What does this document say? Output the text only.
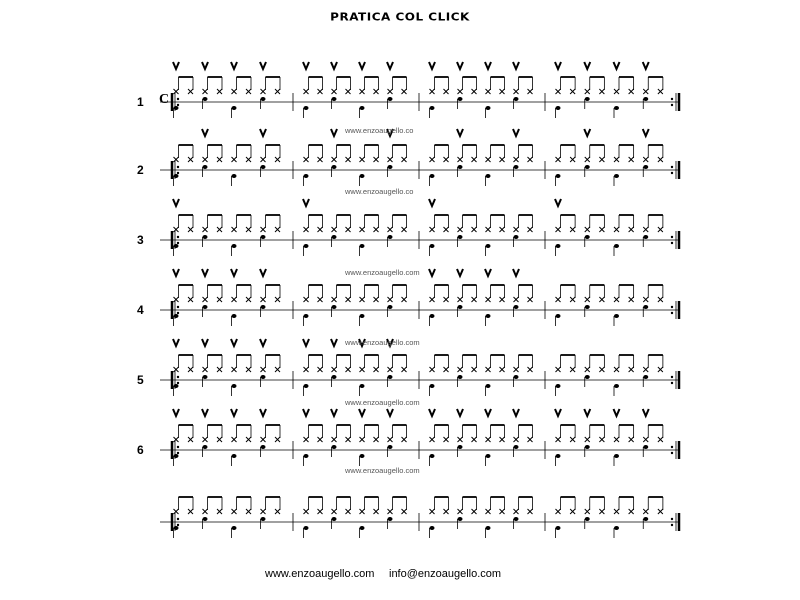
PRATICA COL CLICK
1 C
www.enzoaugello.co
2
www.enzoaugello.co
3
www.enzoaugello.com
4
www.enzoaugello.com
5
www.enzoaugello.com
6
www.enzoaugello.com
www.enzoaugello.com info@enzoaugello.com
